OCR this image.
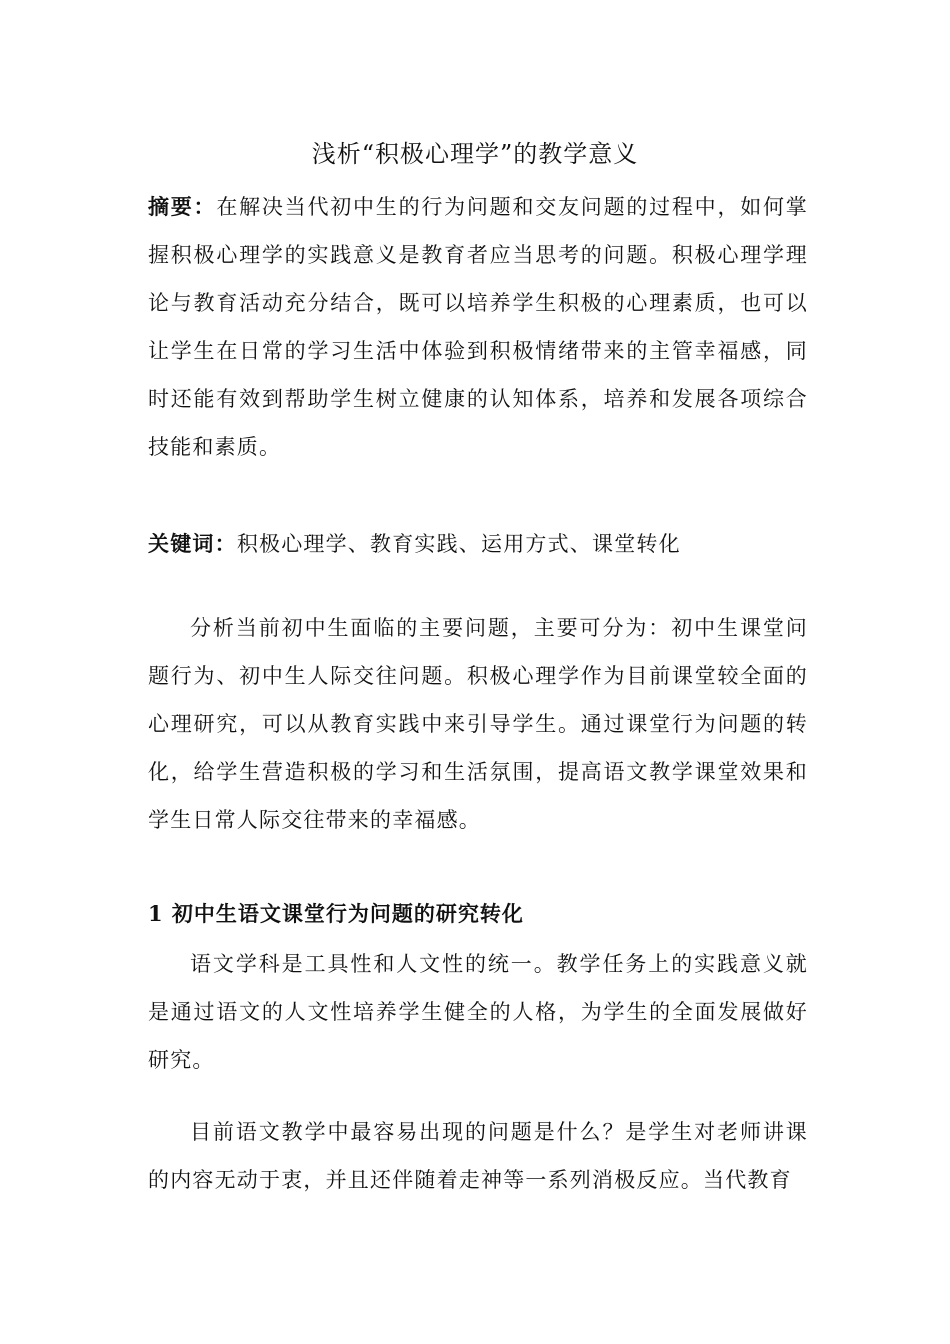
浅析“积极心理学”的教学意义
摘要：在解决当代初中生的行为问题和交友问题的过程中，如何掌握积极心理学的实践意义是教育者应当思考的问题。积极心理学理论与教育活动充分结合，既可以培养学生积极的心理素质，也可以让学生在日常的学习生活中体验到积极情绪带来的主管幸福感，同时还能有效到帮助学生树立健康的认知体系，培养和发展各项综合技能和素质。
关键词：积极心理学、教育实践、运用方式、课堂转化
分析当前初中生面临的主要问题，主要可分为：初中生课堂问题行为、初中生人际交往问题。积极心理学作为目前课堂较全面的心理研究，可以从教育实践中来引导学生。通过课堂行为问题的转化，给学生营造积极的学习和生活氛围，提高语文教学课堂效果和学生日常人际交往带来的幸福感。
1 初中生语文课堂行为问题的研究转化
语文学科是工具性和人文性的统一。教学任务上的实践意义就是通过语文的人文性培养学生健全的人格，为学生的全面发展做好研究。
目前语文教学中最容易出现的问题是什么？是学生对老师讲课的内容无动于衷，并且还伴随着走神等一系列消极反应。当代教育
